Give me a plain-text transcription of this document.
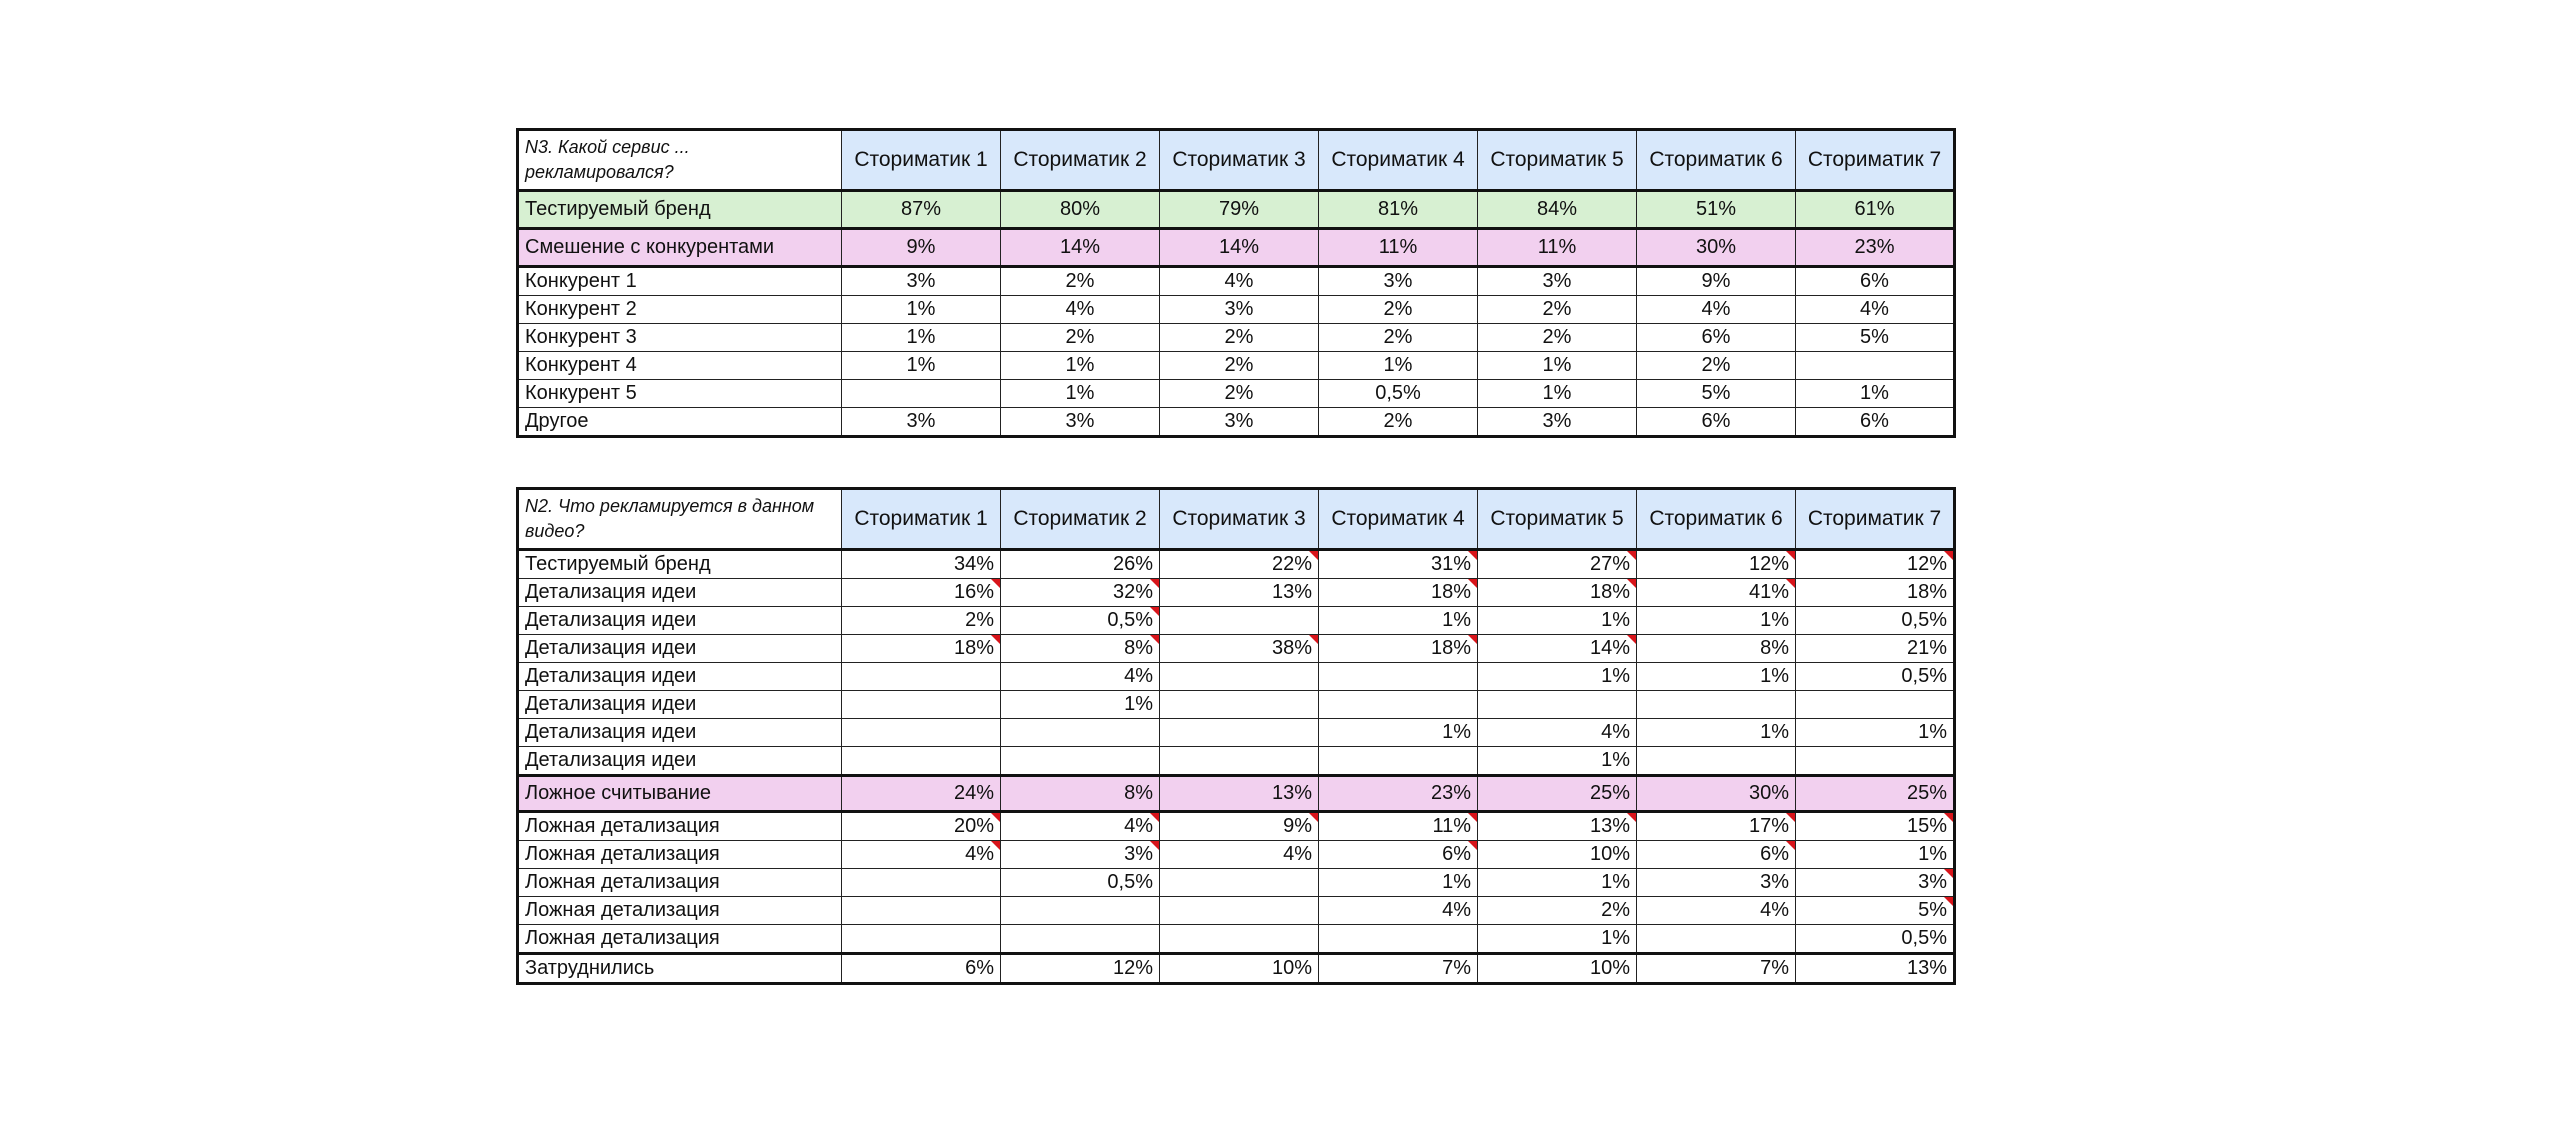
N3. Какой сервис ... рекламировался?	Сториматик 1	Сториматик 2	Сториматик 3	Сториматик 4	Сториматик 5	Сториматик 6	Сториматик 7
Тестируемый бренд	87%	80%	79%	81%	84%	51%	61%
Смешение с конкурентами	9%	14%	14%	11%	11%	30%	23%
Конкурент 1	3%	2%	4%	3%	3%	9%	6%
Конкурент 2	1%	4%	3%	2%	2%	4%	4%
Конкурент 3	1%	2%	2%	2%	2%	6%	5%
Конкурент 4	1%	1%	2%	1%	1%	2%	
Конкурент 5		1%	2%	0,5%	1%	5%	1%
Другое	3%	3%	3%	2%	3%	6%	6%
N2. Что рекламируется в данном видео?	Сториматик 1	Сториматик 2	Сториматик 3	Сториматик 4	Сториматик 5	Сториматик 6	Сториматик 7
Тестируемый бренд	34%	26%	22%	31%	27%	12%	12%
Детализация идеи	16%	32%	13%	18%	18%	41%	18%
Детализация идеи	2%	0,5%		1%	1%	1%	0,5%
Детализация идеи	18%	8%	38%	18%	14%	8%	21%
Детализация идеи		4%			1%	1%	0,5%
Детализация идеи		1%					
Детализация идеи				1%	4%	1%	1%
Детализация идеи					1%		
Ложное считывание	24%	8%	13%	23%	25%	30%	25%
Ложная детализация	20%	4%	9%	11%	13%	17%	15%
Ложная детализация	4%	3%	4%	6%	10%	6%	1%
Ложная детализация		0,5%		1%	1%	3%	3%
Ложная детализация				4%	2%	4%	5%
Ложная детализация					1%		0,5%
Затруднились	6%	12%	10%	7%	10%	7%	13%
